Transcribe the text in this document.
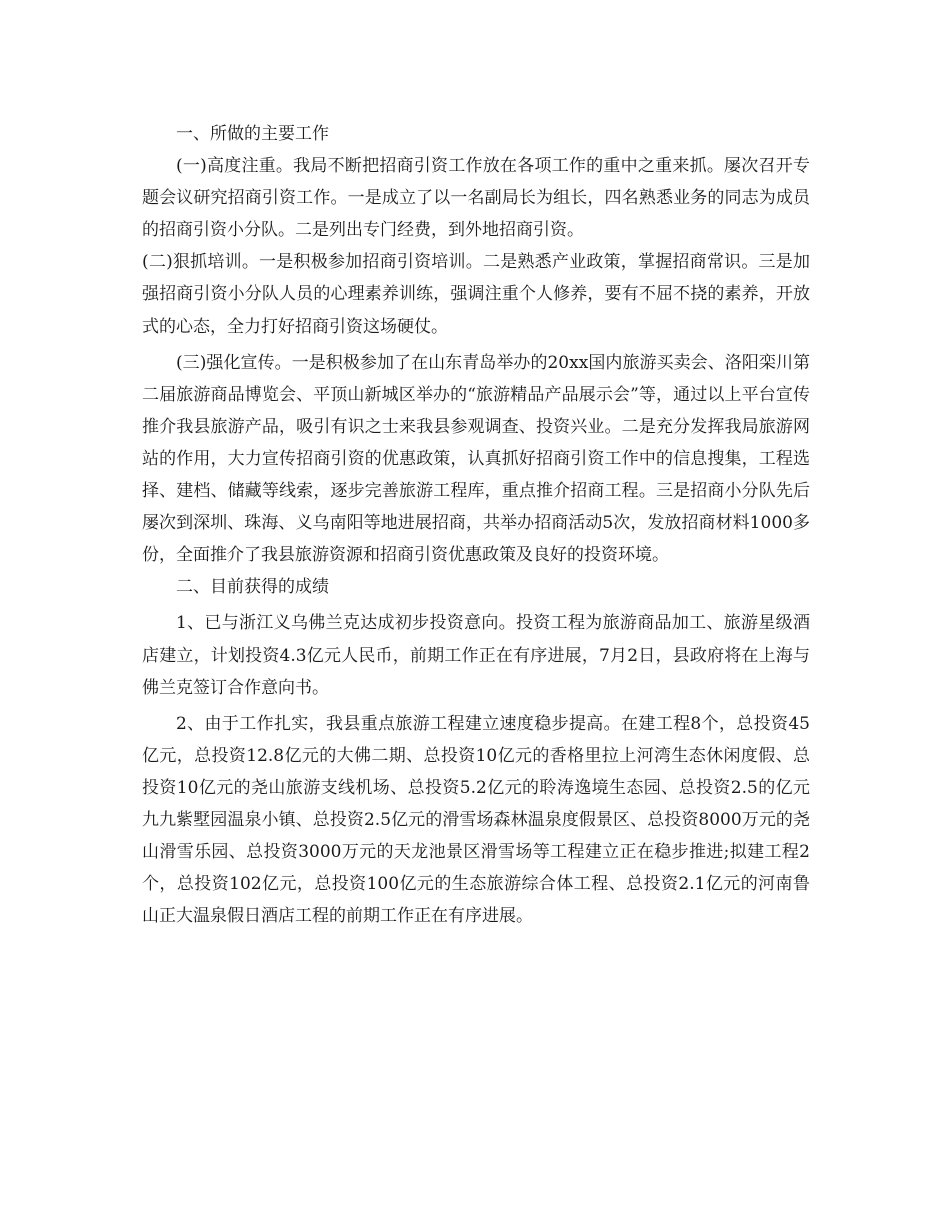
一、所做的主要工作

(一)高度注重。我局不断把招商引资工作放在各项工作的重中之重来抓。屡次召开专题会议研究招商引资工作。一是成立了以一名副局长为组长，四名熟悉业务的同志为成员的招商引资小分队。二是列出专门经费，到外地招商引资。

(二)狠抓培训。一是积极参加招商引资培训。二是熟悉产业政策，掌握招商常识。三是加强招商引资小分队人员的心理素养训练，强调注重个人修养，要有不屈不挠的素养，开放式的心态，全力打好招商引资这场硬仗。

(三)强化宣传。一是积极参加了在山东青岛举办的20xx国内旅游买卖会、洛阳栾川第二届旅游商品博览会、平顶山新城区举办的“旅游精品产品展示会”等，通过以上平台宣传推介我县旅游产品，吸引有识之士来我县参观调查、投资兴业。二是充分发挥我局旅游网站的作用，大力宣传招商引资的优惠政策，认真抓好招商引资工作中的信息搜集，工程选择、建档、储藏等线索，逐步完善旅游工程库，重点推介招商工程。三是招商小分队先后屡次到深圳、珠海、义乌南阳等地进展招商，共举办招商活动5次，发放招商材料1000多份，全面推介了我县旅游资源和招商引资优惠政策及良好的投资环境。

二、目前获得的成绩

1、已与浙江义乌佛兰克达成初步投资意向。投资工程为旅游商品加工、旅游星级酒店建立，计划投资4.3亿元人民币，前期工作正在有序进展，7月2日，县政府将在上海与佛兰克签订合作意向书。

2、由于工作扎实，我县重点旅游工程建立速度稳步提高。在建工程8个，总投资45亿元，总投资12.8亿元的大佛二期、总投资10亿元的香格里拉上河湾生态休闲度假、总投资10亿元的尧山旅游支线机场、总投资5.2亿元的聆涛逸境生态园、总投资2.5的亿元九九紫墅园温泉小镇、总投资2.5亿元的滑雪场森林温泉度假景区、总投资8000万元的尧山滑雪乐园、总投资3000万元的天龙池景区滑雪场等工程建立正在稳步推进;拟建工程2个，总投资102亿元，总投资100亿元的生态旅游综合体工程、总投资2.1亿元的河南鲁山正大温泉假日酒店工程的前期工作正在有序进展。
